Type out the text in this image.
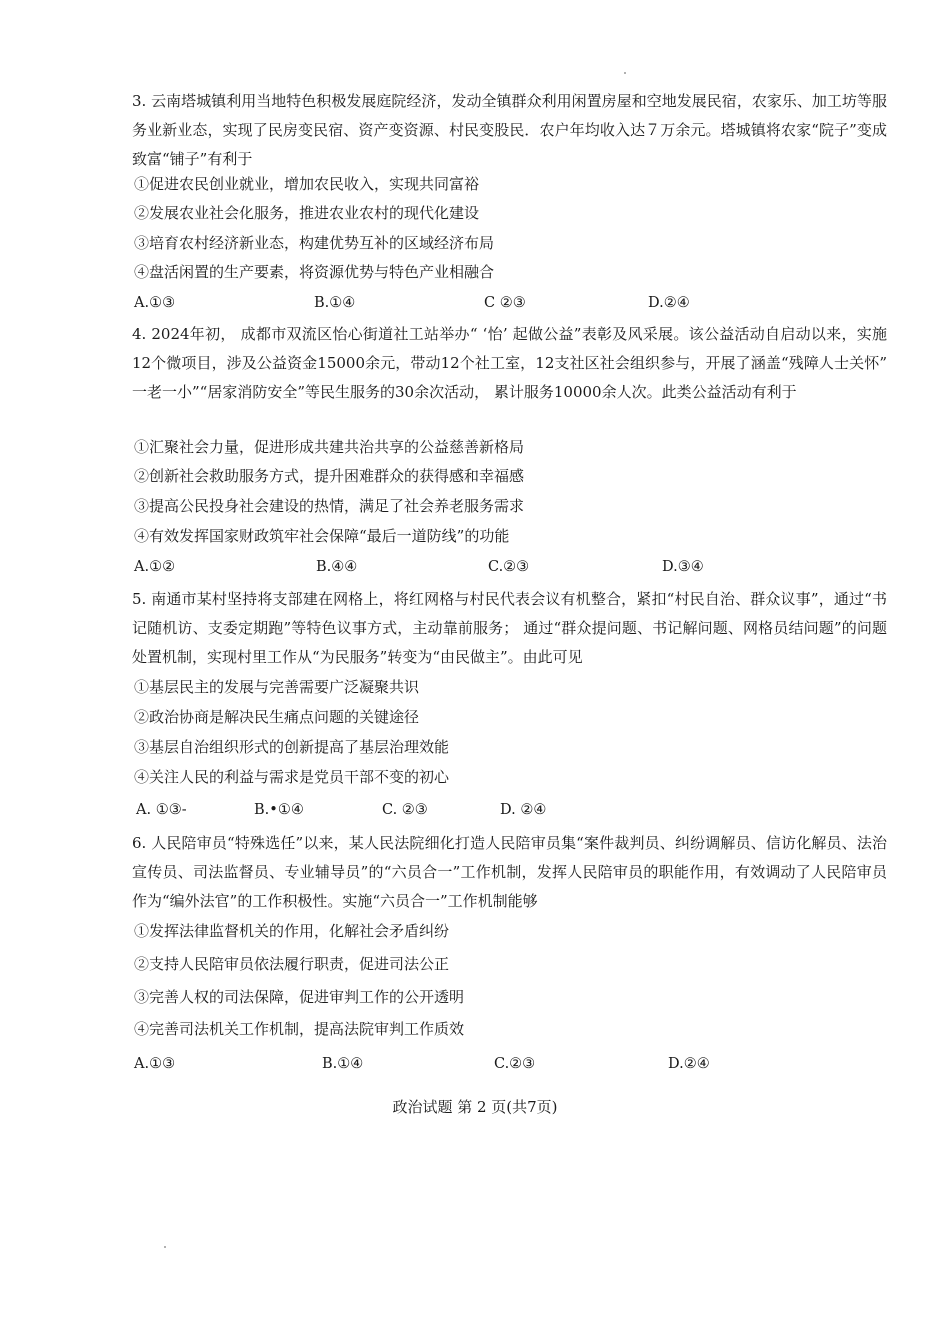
3. 云南塔城镇利用当地特色积极发展庭院经济，发动全镇群众利用闲置房屋和空地发展民宿，农家乐、加工坊等服务业新业态，实现了民房变民宿、资产变资源、村民变股民．农户年均收入达７万余元。塔城镇将农家“院子”变成致富“铺子”有利于
①促进农民创业就业，增加农民收入，实现共同富裕
②发展农业社会化服务，推进农业农村的现代化建设
③培育农村经济新业态，构建优势互补的区域经济布局
④盘活闲置的生产要素，将资源优势与特色产业相融合
A.①③	B.①④	C ②③	D.②④
4. 2024年初， 成都市双流区怡心街道社工站举办“ ‘怡’ 起做公益”表彰及风采展。该公益活动自启动以来，实施12个微项目，涉及公益资金15000余元，带动12个社工室，12支社区社会组织参与，开展了涵盖“残障人士关怀” 一老一小”“居家消防安全”等民生服务的30余次活动， 累计服务10000余人次。此类公益活动有利于
①汇聚社会力量，促进形成共建共治共享的公益慈善新格局
②创新社会救助服务方式，提升困难群众的获得感和幸福感
③提高公民投身社会建设的热情，满足了社会养老服务需求
④有效发挥国家财政筑牢社会保障“最后一道防线”的功能
A.①②	B.④④	C.②③	D.③④
5. 南通市某村坚持将支部建在网格上，将红网格与村民代表会议有机整合，紧扣“村民自治、群众议事”，通过“书记随机访、支委定期跑”等特色议事方式，主动靠前服务； 通过“群众提问题、书记解问题、网格员结问题”的问题处置机制，实现村里工作从“为民服务”转变为“由民做主”。由此可见
①基层民主的发展与完善需要广泛凝聚共识
②政治协商是解决民生痛点问题的关键途径
③基层自治组织形式的创新提高了基层治理效能
④关注人民的利益与需求是党员干部不变的初心
A. ①③-	B.•①④	C. ②③	D. ②④
6. 人民陪审员“特殊选任”以来，某人民法院细化打造人民陪审员集“案件裁判员、纠纷调解员、信访化解员、法治宣传员、司法监督员、专业辅导员”的“六员合一”工作机制，发挥人民陪审员的职能作用，有效调动了人民陪审员作为“编外法官”的工作积极性。实施“六员合一”工作机制能够
①发挥法律监督机关的作用，化解社会矛盾纠纷
②支持人民陪审员依法履行职责，促进司法公正
③完善人权的司法保障，促进审判工作的公开透明
④完善司法机关工作机制，提高法院审判工作质效
A.①③	B.①④	C.②③	D.②④
政治试题 第 2 页(共7页)
